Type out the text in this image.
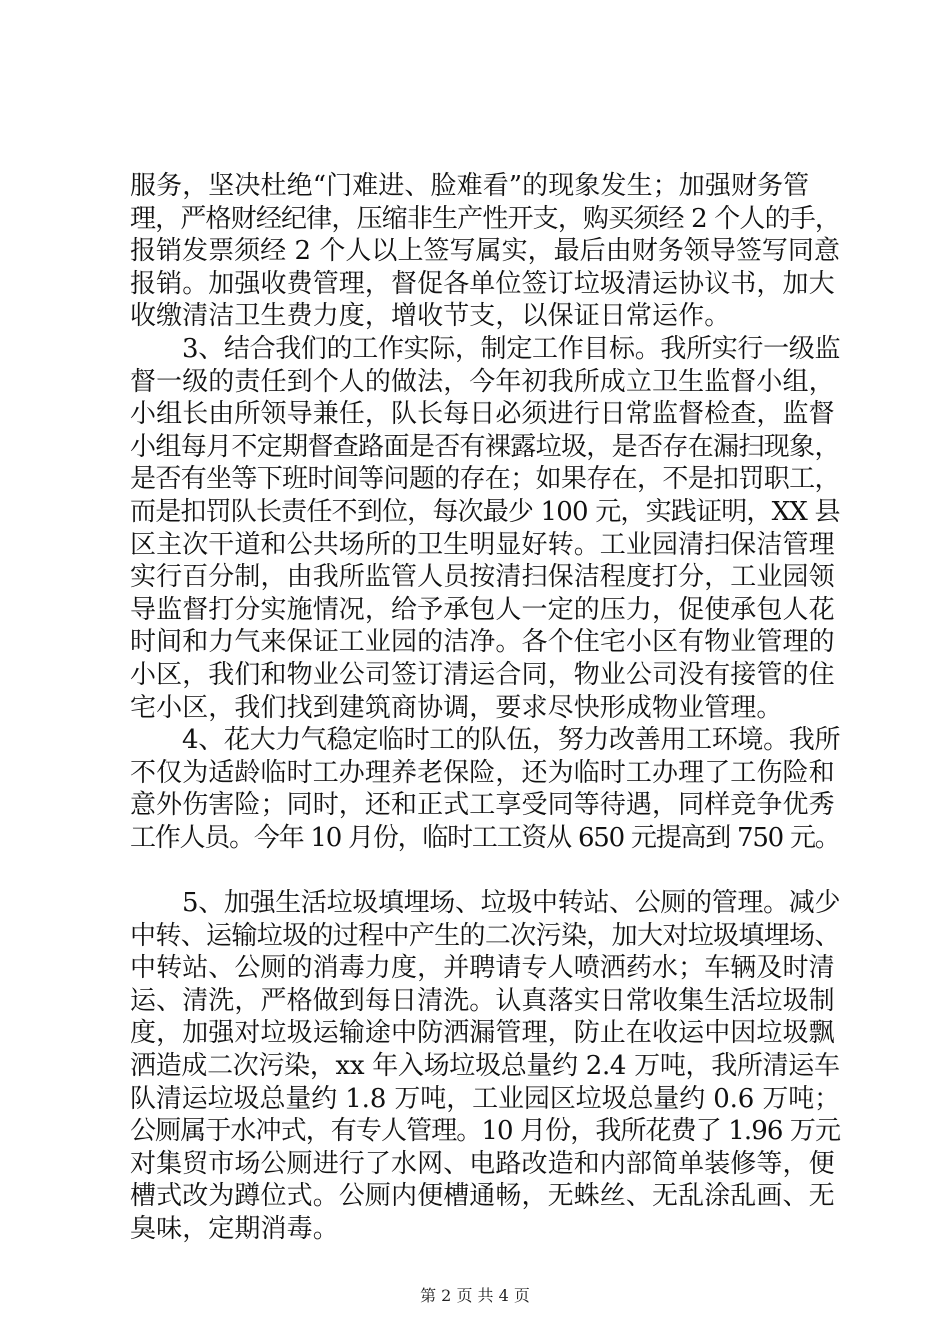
服务，坚决杜绝“门难进、脸难看”的现象发生；加强财务管
理，严格财经纪律，压缩非生产性开支，购买须经 2 个人的手，
报销发票须经 2 个人以上签写属实，最后由财务领导签写同意
报销。加强收费管理，督促各单位签订垃圾清运协议书，加大
收缴清洁卫生费力度，增收节支，以保证日常运作。
3、结合我们的工作实际，制定工作目标。我所实行一级监
督一级的责任到个人的做法，今年初我所成立卫生监督小组，
小组长由所领导兼任，队长每日必须进行日常监督检查，监督
小组每月不定期督查路面是否有裸露垃圾，是否存在漏扫现象，
是否有坐等下班时间等问题的存在；如果存在，不是扣罚职工，
而是扣罚队长责任不到位，每次最少 100 元，实践证明，XX 县
区主次干道和公共场所的卫生明显好转。工业园清扫保洁管理
实行百分制，由我所监管人员按清扫保洁程度打分，工业园领
导监督打分实施情况，给予承包人一定的压力，促使承包人花
时间和力气来保证工业园的洁净。各个住宅小区有物业管理的
小区，我们和物业公司签订清运合同，物业公司没有接管的住
宅小区，我们找到建筑商协调，要求尽快形成物业管理。
4、花大力气稳定临时工的队伍，努力改善用工环境。我所
不仅为适龄临时工办理养老保险，还为临时工办理了工伤险和
意外伤害险；同时，还和正式工享受同等待遇，同样竞争优秀
工作人员。今年 10 月份，临时工工资从 650 元提高到 750 元。
5、加强生活垃圾填埋场、垃圾中转站、公厕的管理。减少
中转、运输垃圾的过程中产生的二次污染，加大对垃圾填埋场、
中转站、公厕的消毒力度，并聘请专人喷洒药水；车辆及时清
运、清洗，严格做到每日清洗。认真落实日常收集生活垃圾制
度，加强对垃圾运输途中防洒漏管理，防止在收运中因垃圾飘
洒造成二次污染，xx 年入场垃圾总量约 2.4 万吨，我所清运车
队清运垃圾总量约 1.8 万吨，工业园区垃圾总量约 0.6 万吨；
公厕属于水冲式，有专人管理。10 月份，我所花费了 1.96 万元
对集贸市场公厕进行了水网、电路改造和内部简单装修等，便
槽式改为蹲位式。公厕内便槽通畅，无蛛丝、无乱涂乱画、无
臭味，定期消毒。
第 2 页 共 4 页
